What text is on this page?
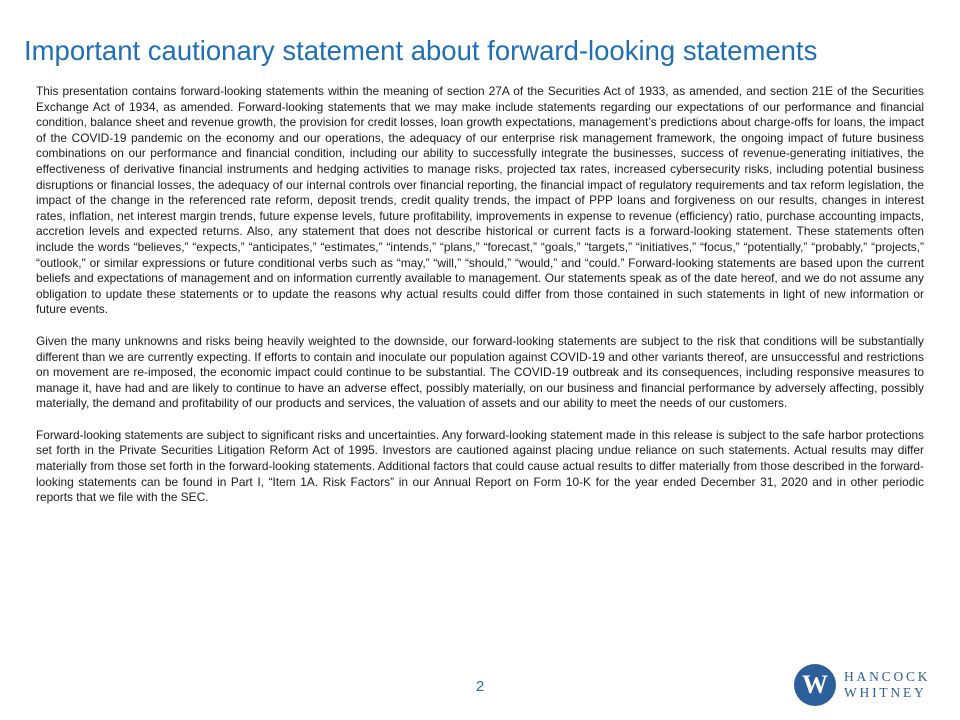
Important cautionary statement about forward-looking statements

This presentation contains forward-looking statements within the meaning of section 27A of the Securities Act of 1933, as amended, and section 21E of the Securities Exchange Act of 1934, as amended. Forward-looking statements that we may make include statements regarding our expectations of our performance and financial condition, balance sheet and revenue growth, the provision for credit losses, loan growth expectations, management’s predictions about charge-offs for loans, the impact of the COVID-19 pandemic on the economy and our operations, the adequacy of our enterprise risk management framework, the ongoing impact of future business combinations on our performance and financial condition, including our ability to successfully integrate the businesses, success of revenue-generating initiatives, the effectiveness of derivative financial instruments and hedging activities to manage risks, projected tax rates, increased cybersecurity risks, including potential business disruptions or financial losses, the adequacy of our internal controls over financial reporting, the financial impact of regulatory requirements and tax reform legislation, the impact of the change in the referenced rate reform, deposit trends, credit quality trends, the impact of PPP loans and forgiveness on our results, changes in interest rates, inflation, net interest margin trends, future expense levels, future profitability, improvements in expense to revenue (efficiency) ratio, purchase accounting impacts, accretion levels and expected returns. Also, any statement that does not describe historical or current facts is a forward-looking statement. These statements often include the words “believes,” “expects,” “anticipates,” “estimates,” “intends,” “plans,” “forecast,” “goals,” “targets,” “initiatives,” “focus,” “potentially,” “probably,” “projects,” “outlook," or similar expressions or future conditional verbs such as “may,” “will,” “should,” “would,” and “could.” Forward-looking statements are based upon the current beliefs and expectations of management and on information currently available to management. Our statements speak as of the date hereof, and we do not assume any obligation to update these statements or to update the reasons why actual results could differ from those contained in such statements in light of new information or future events.

Given the many unknowns and risks being heavily weighted to the downside, our forward-looking statements are subject to the risk that conditions will be substantially different than we are currently expecting. If efforts to contain and inoculate our population against COVID-19 and other variants thereof, are unsuccessful and restrictions on movement are re-imposed, the economic impact could continue to be substantial. The COVID-19 outbreak and its consequences, including responsive measures to manage it, have had and are likely to continue to have an adverse effect, possibly materially, on our business and financial performance by adversely affecting, possibly materially, the demand and profitability of our products and services, the valuation of assets and our ability to meet the needs of our customers.

Forward-looking statements are subject to significant risks and uncertainties. Any forward-looking statement made in this release is subject to the safe harbor protections set forth in the Private Securities Litigation Reform Act of 1995. Investors are cautioned against placing undue reliance on such statements. Actual results may differ materially from those set forth in the forward-looking statements. Additional factors that could cause actual results to differ materially from those described in the forward-looking statements can be found in Part I, “Item 1A. Risk Factors” in our Annual Report on Form 10-K for the year ended December 31, 2020 and in other periodic reports that we file with the SEC.

2	W	HANCOCK
WHITNEY
